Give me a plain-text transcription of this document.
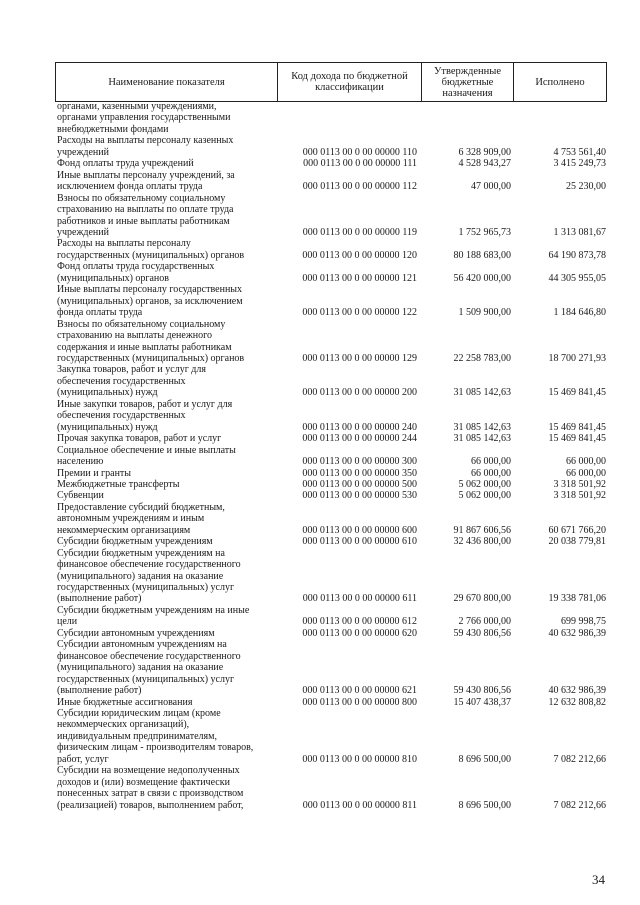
Наименование показателя	Код дохода по бюджетной классификации	Утвержденные бюджетные назначения	Исполнено
органами, казенными учреждениями,
органами управления государственными
внебюджетными фондами
Расходы на выплаты персоналу казенных
учреждений	000 0113 00 0 00 00000 110	6 328 909,00	4 753 561,40
Фонд оплаты труда учреждений	000 0113 00 0 00 00000 111	4 528 943,27	3 415 249,73
Иные выплаты персоналу учреждений, за
исключением фонда оплаты труда	000 0113 00 0 00 00000 112	47 000,00	25 230,00
Взносы по обязательному социальному
страхованию на выплаты по оплате труда
работников и иные выплаты работникам
учреждений	000 0113 00 0 00 00000 119	1 752 965,73	1 313 081,67
Расходы на выплаты персоналу
государственных (муниципальных) органов	000 0113 00 0 00 00000 120	80 188 683,00	64 190 873,78
Фонд оплаты труда государственных
(муниципальных) органов	000 0113 00 0 00 00000 121	56 420 000,00	44 305 955,05
Иные выплаты персоналу государственных
(муниципальных) органов, за исключением
фонда оплаты труда	000 0113 00 0 00 00000 122	1 509 900,00	1 184 646,80
Взносы по обязательному социальному
страхованию на выплаты денежного
содержания и иные выплаты работникам
государственных (муниципальных) органов	000 0113 00 0 00 00000 129	22 258 783,00	18 700 271,93
Закупка товаров, работ и услуг для
обеспечения государственных
(муниципальных) нужд	000 0113 00 0 00 00000 200	31 085 142,63	15 469 841,45
Иные закупки товаров, работ и услуг для
обеспечения государственных
(муниципальных) нужд	000 0113 00 0 00 00000 240	31 085 142,63	15 469 841,45
Прочая закупка товаров, работ и услуг	000 0113 00 0 00 00000 244	31 085 142,63	15 469 841,45
Социальное обеспечение и иные выплаты
населению	000 0113 00 0 00 00000 300	66 000,00	66 000,00
Премии и гранты	000 0113 00 0 00 00000 350	66 000,00	66 000,00
Межбюджетные трансферты	000 0113 00 0 00 00000 500	5 062 000,00	3 318 501,92
Субвенции	000 0113 00 0 00 00000 530	5 062 000,00	3 318 501,92
Предоставление субсидий бюджетным,
автономным учреждениям и иным
некоммерческим организациям	000 0113 00 0 00 00000 600	91 867 606,56	60 671 766,20
Субсидии бюджетным учреждениям	000 0113 00 0 00 00000 610	32 436 800,00	20 038 779,81
Субсидии бюджетным учреждениям на
финансовое обеспечение государственного
(муниципального) задания на оказание
государственных (муниципальных) услуг
(выполнение работ)	000 0113 00 0 00 00000 611	29 670 800,00	19 338 781,06
Субсидии бюджетным учреждениям на иные
цели	000 0113 00 0 00 00000 612	2 766 000,00	699 998,75
Субсидии автономным учреждениям	000 0113 00 0 00 00000 620	59 430 806,56	40 632 986,39
Субсидии автономным учреждениям на
финансовое обеспечение государственного
(муниципального) задания на оказание
государственных (муниципальных) услуг
(выполнение работ)	000 0113 00 0 00 00000 621	59 430 806,56	40 632 986,39
Иные бюджетные ассигнования	000 0113 00 0 00 00000 800	15 407 438,37	12 632 808,82
Субсидии юридическим лицам (кроме
некоммерческих организаций),
индивидуальным предпринимателям,
физическим лицам - производителям товаров,
работ, услуг	000 0113 00 0 00 00000 810	8 696 500,00	7 082 212,66
Субсидии на возмещение недополученных
доходов и (или) возмещение фактически
понесенных затрат в связи с производством
(реализацией) товаров, выполнением работ,	000 0113 00 0 00 00000 811	8 696 500,00	7 082 212,66
34
